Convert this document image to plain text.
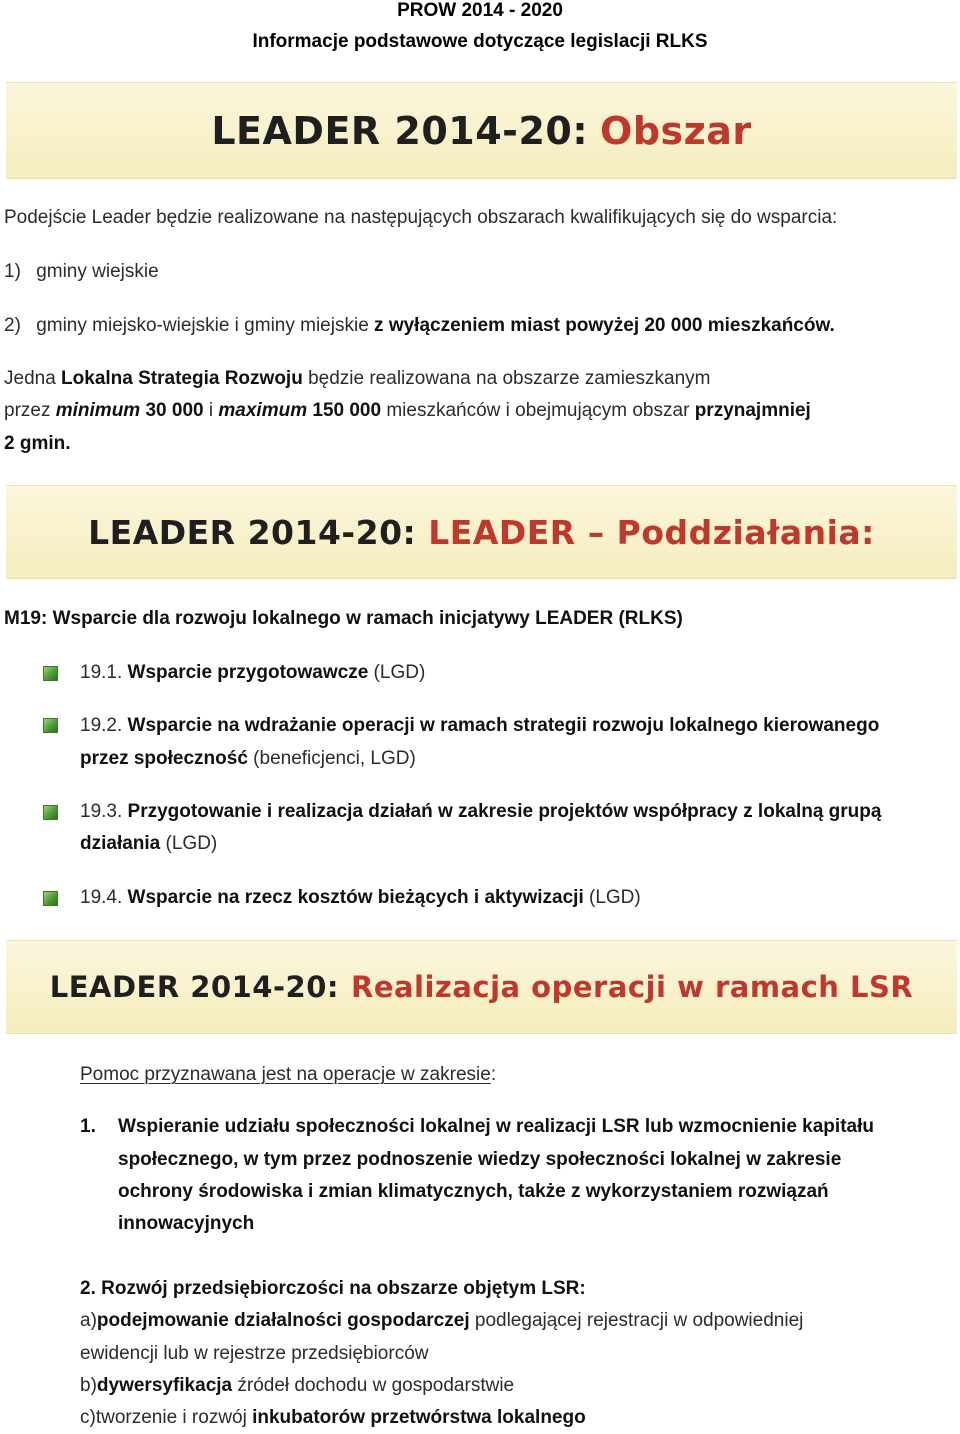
PROW 2014 - 2020
Informacje podstawowe dotyczące legislacji RLKS
LEADER 2014-20: Obszar
Podejście Leader będzie realizowane na następujących obszarach kwalifikujących się do wsparcia:
1) gminy wiejskie
2) gminy miejsko-wiejskie i gminy miejskie z wyłączeniem miast powyżej 20 000 mieszkańców.
Jedna Lokalna Strategia Rozwoju będzie realizowana na obszarze zamieszkanym
przez minimum 30 000 i maximum 150 000 mieszkańców i obejmującym obszar przynajmniej
2 gmin.
LEADER 2014-20: LEADER – Poddziałania:
M19: Wsparcie dla rozwoju lokalnego w ramach inicjatywy LEADER (RLKS)
19.1. Wsparcie przygotowawcze (LGD)
19.2. Wsparcie na wdrażanie operacji w ramach strategii rozwoju lokalnego kierowanego
przez społeczność (beneficjenci, LGD)
19.3. Przygotowanie i realizacja działań w zakresie projektów współpracy z lokalną grupą
działania (LGD)
19.4. Wsparcie na rzecz kosztów bieżących i aktywizacji (LGD)
LEADER 2014-20: Realizacja operacji w ramach LSR
Pomoc przyznawana jest na operacje w zakresie:
1. Wspieranie udziału społeczności lokalnej w realizacji LSR lub wzmocnienie kapitału
społecznego, w tym przez podnoszenie wiedzy społeczności lokalnej w zakresie
ochrony środowiska i zmian klimatycznych, także z wykorzystaniem rozwiązań
innowacyjnych
2. Rozwój przedsiębiorczości na obszarze objętym LSR:
a)podejmowanie działalności gospodarczej podlegającej rejestracji w odpowiedniej
ewidencji lub w rejestrze przedsiębiorców
b)dywersyfikacja źródeł dochodu w gospodarstwie
c)tworzenie i rozwój inkubatorów przetwórstwa lokalnego
